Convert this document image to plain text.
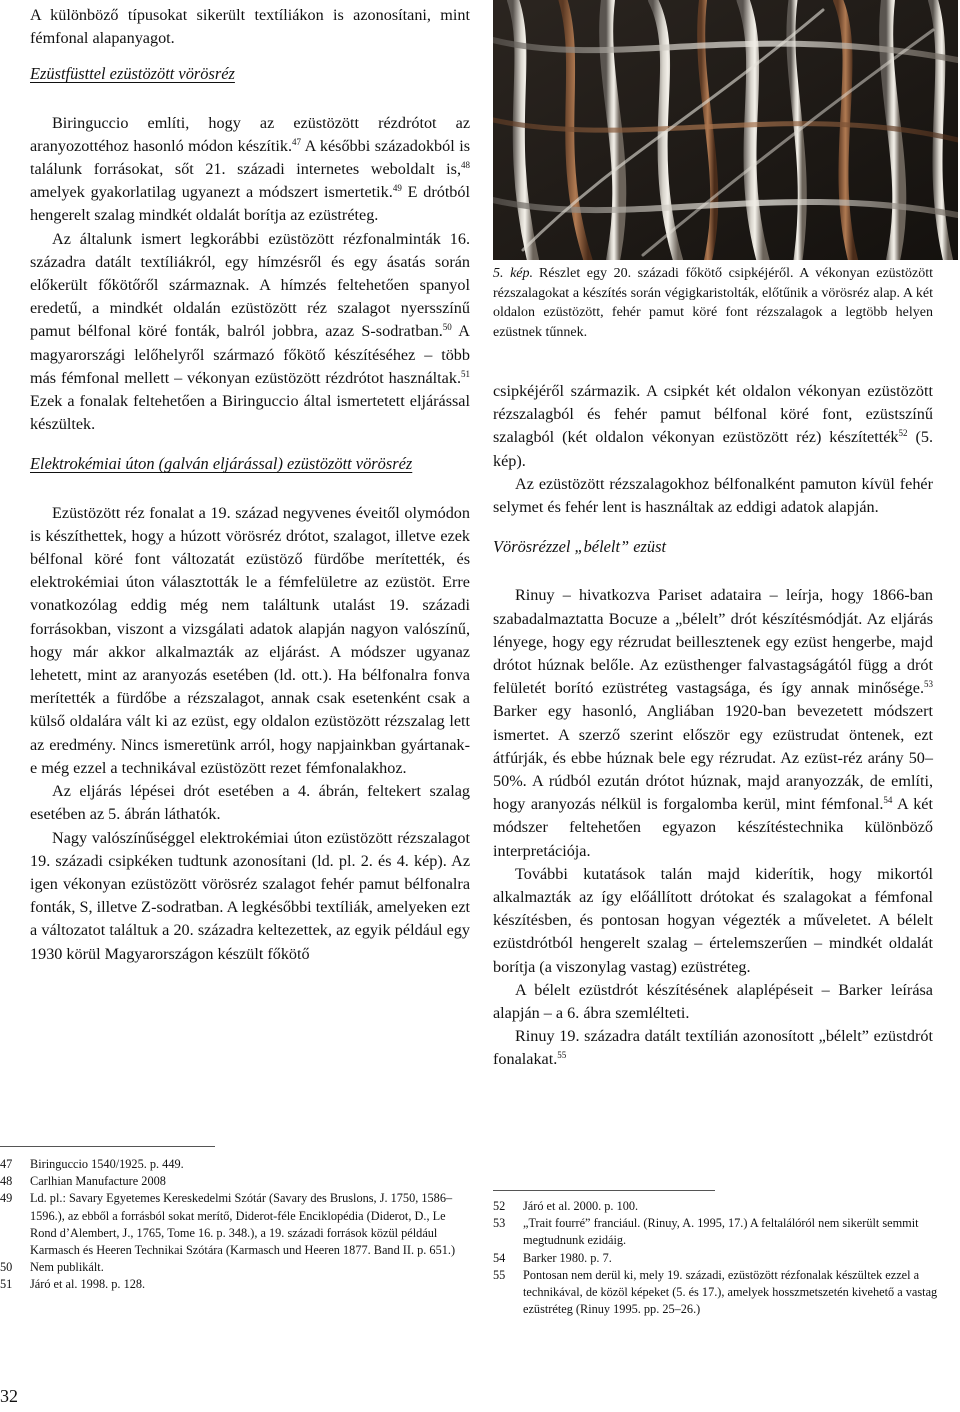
A különböző típusokat sikerült textíliákon is azonosítani, mint fémfonal alapanyagot.

Ezüstfüsttel ezüstözött vörösréz

Biringuccio említi, hogy az ezüstözött rézdrótot az aranyozottéhoz hasonló módon készítik.$^{47}$ A későbbi századokból is találunk forrásokat, sőt 21. századi internetes weboldalt is,$^{48}$ amelyek gyakorlatilag ugyanezt a módszert ismertetik.$^{49}$ E drótból hengerelt szalag mindkét oldalát borítja az ezüstréteg.

Az általunk ismert legkorábbi ezüstözött rézfonalminták 16. századra datált textíliákról, egy hímzésről és egy ásatás során előkerült főkötőről származnak. A hímzés feltehetően spanyol eredetű, a mindkét oldalán ezüstözött réz szalagot nyersszínű pamut bélfonal köré fonták, balról jobbra, azaz S-sodratban.$^{50}$ A magyarországi lelőhelyről származó főkötő készítéséhez – több más fémfonal mellett – vékonyan ezüstözött rézdrótot használtak.$^{51}$ Ezek a fonalak feltehetően a Biringuccio által ismertetett eljárással készültek.

Elektrokémiai úton (galván eljárással) ezüstözött vörösréz

Ezüstözött réz fonalat a 19. század negyvenes éveitől olymódon is készíthettek, hogy a húzott vörösréz drótot, szalagot, illetve ezek bélfonal köré font változatát ezüstöző fürdőbe merítették, és elektrokémiai úton választották le a fémfelületre az ezüstöt. Erre vonatkozólag eddig még nem találtunk utalást 19. századi forrásokban, viszont a vizsgálati adatok alapján nagyon valószínű, hogy már akkor alkalmazták az eljárást. A módszer ugyanaz lehetett, mint az aranyozás esetében (ld. ott.). Ha bélfonalra fonva merítették a fürdőbe a rézszalagot, annak csak esetenként csak a külső oldalára vált ki az ezüst, egy oldalon ezüstözött rézszalag lett az eredmény. Nincs ismeretünk arról, hogy napjainkban gyártanak-e még ezzel a technikával ezüstözött rezet fémfonalakhoz.

Az eljárás lépései drót esetében a 4. ábrán, feltekert szalag esetében az 5. ábrán láthatók.

Nagy valószínűséggel elektrokémiai úton ezüstözött rézszalagot 19. századi csipkéken tudtunk azonosítani (ld. pl. 2. és 4. kép). Az igen vékonyan ezüstözött vörösréz szalagot fehér pamut bélfonalra fonták, S, illetve Z-sodratban. A legkésőbbi textíliák, amelyeken ezt a változatot találtuk a 20. századra keltezettek, az egyik például egy 1930 körül Magyarországon készült főkötő

47	Biringuccio 1540/1925. p. 449.
48	Carlhian Manufacture 2008
49	Ld. pl.: Savary Egyetemes Kereskedelmi Szótár (Savary des Bruslons, J. 1750, 1586–1596.), az ebből a forrásból sokat merítő, Diderot-féle Enciklopédia (Diderot, D., Le Rond d’Alembert, J., 1765, Tome 16. p. 348.), a 19. századi források közül például Karmasch és Heeren Technikai Szótára (Karmasch und Heeren 1877. Band II. p. 651.)
50	Nem publikált.
51	Járó et al. 1998. p. 128.

5. kép. Részlet egy 20. századi főkötő csipkéjéről. A vékonyan ezüstözött rézszalagokat a készítés során végigkaristolták, előtűnik a vörösréz alap. A két oldalon ezüstözött, fehér pamut köré font rézszalagok a legtöbb helyen ezüstnek tűnnek.

csipkéjéről származik. A csipkét két oldalon vékonyan ezüstözött rézszalagból és fehér pamut bélfonal köré font, ezüstszínű szalagból (két oldalon vékonyan ezüstözött réz) készítették$^{52}$ (5. kép).

Az ezüstözött rézszalagokhoz bélfonalként pamuton kívül fehér selymet és fehér lent is használtak az eddigi adatok alapján.

Vörösrézzel „bélelt” ezüst

Rinuy – hivatkozva Pariset adataira – leírja, hogy 1866-ban szabadalmaztatta Bocuze a „bélelt” drót készítésmódját. Az eljárás lényege, hogy egy rézrudat beillesztenek egy ezüst hengerbe, majd drótot húznak belőle. Az ezüsthenger falvastagságától függ a drót felületét borító ezüstréteg vastagsága, és így annak minősége.$^{53}$ Barker egy hasonló, Angliában 1920-ban bevezetett módszert ismertet. A szerző szerint először egy ezüstrudat öntenek, ezt átfúrják, és ebbe húznak bele egy rézrudat. Az ezüst-réz arány 50–50%. A rúdból ezután drótot húznak, majd aranyozzák, de említi, hogy aranyozás nélkül is forgalomba kerül, mint fémfonal.$^{54}$ A két módszer feltehetően egyazon készítéstechnika különböző interpretációja.

További kutatások talán majd kiderítik, hogy mikortól alkalmazták az így előállított drótokat és szalagokat a fémfonal készítésben, és pontosan hogyan végezték a műveletet. A bélelt ezüstdrótból hengerelt szalag – értelemszerűen – mindkét oldalát borítja (a viszonylag vastag) ezüstréteg.

A bélelt ezüstdrót készítésének alaplépéseit – Barker leírása alapján – a 6. ábra szemlélteti.

Rinuy 19. századra datált textílián azonosított „bélelt” ezüstdrót fonalakat.$^{55}$

52	Járó et al. 2000. p. 100.
53	„Trait fourré” franciául. (Rinuy, A. 1995, 17.) A feltalálóról nem sikerült semmit megtudnunk ezidáig.
54	Barker 1980. p. 7.
55	Pontosan nem derül ki, mely 19. századi, ezüstözött rézfonalak készültek ezzel a technikával, de közöl képeket (5. és 17.), amelyek hosszmetszetén kivehető a vastag ezüstréteg (Rinuy 1995. pp. 25–26.)
32
